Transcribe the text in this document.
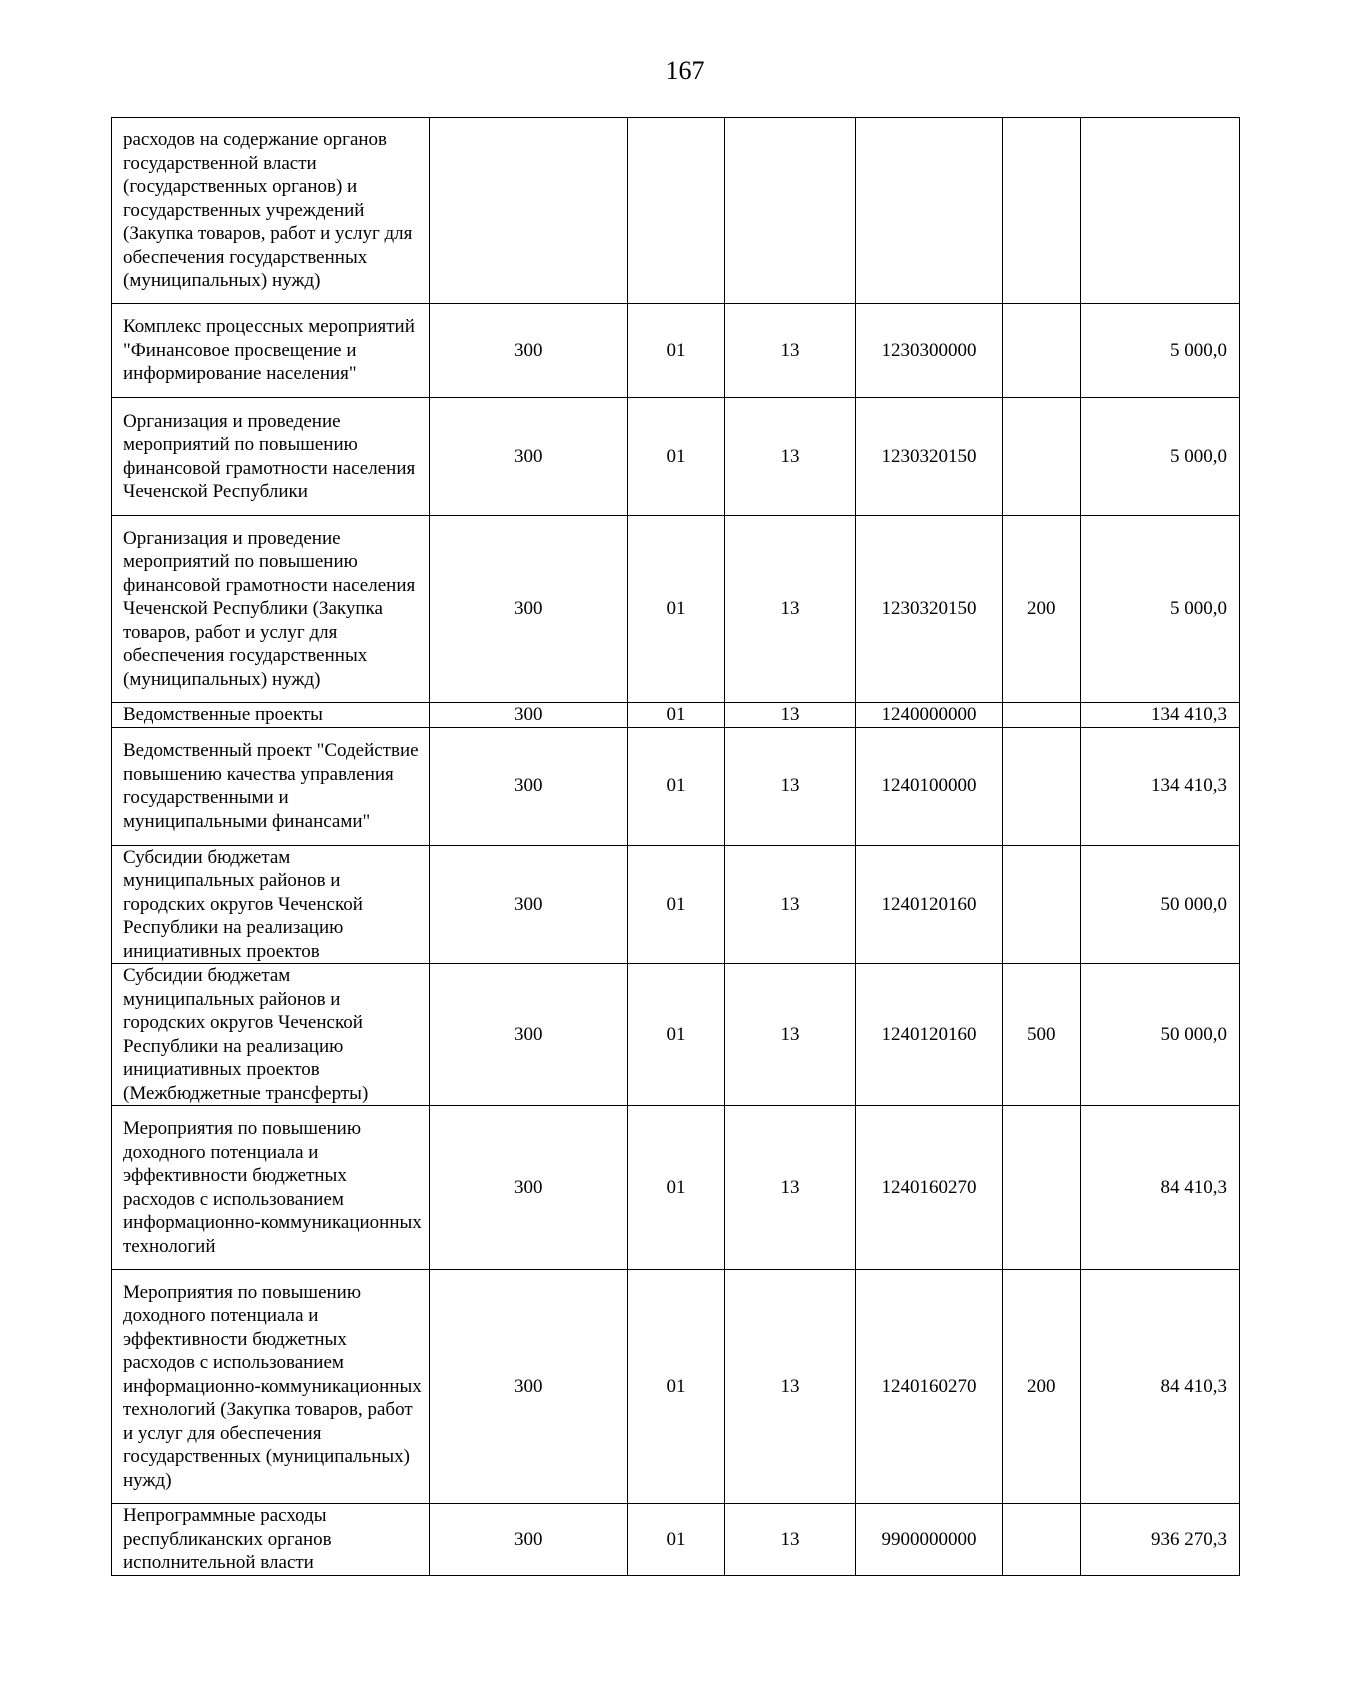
167
расходов на содержание органов государственной власти (государственных органов) и государственных учреждений (Закупка товаров, работ и услуг для обеспечения государственных (муниципальных) нужд)						
Комплекс процессных мероприятий "Финансовое просвещение и информирование населения"	300	01	13	1230300000		5 000,0
Организация и проведение мероприятий по повышению финансовой грамотности населения Чеченской Республики	300	01	13	1230320150		5 000,0
Организация и проведение мероприятий по повышению финансовой грамотности населения Чеченской Республики (Закупка товаров, работ и услуг для обеспечения государственных (муниципальных) нужд)	300	01	13	1230320150	200	5 000,0
Ведомственные проекты	300	01	13	1240000000		134 410,3
Ведомственный проект "Содействие повышению качества управления государственными и муниципальными финансами"	300	01	13	1240100000		134 410,3
Субсидии бюджетам муниципальных районов и городских округов Чеченской Республики на реализацию инициативных проектов	300	01	13	1240120160		50 000,0
Субсидии бюджетам муниципальных районов и городских округов Чеченской Республики на реализацию инициативных проектов (Межбюджетные трансферты)	300	01	13	1240120160	500	50 000,0
Мероприятия по повышению доходного потенциала и эффективности бюджетных расходов с использованием информационно-коммуникационных технологий	300	01	13	1240160270		84 410,3
Мероприятия по повышению доходного потенциала и эффективности бюджетных расходов с использованием информационно-коммуникационных технологий (Закупка товаров, работ и услуг для обеспечения государственных (муниципальных) нужд)	300	01	13	1240160270	200	84 410,3
Непрограммные расходы республиканских органов исполнительной власти	300	01	13	9900000000		936 270,3
